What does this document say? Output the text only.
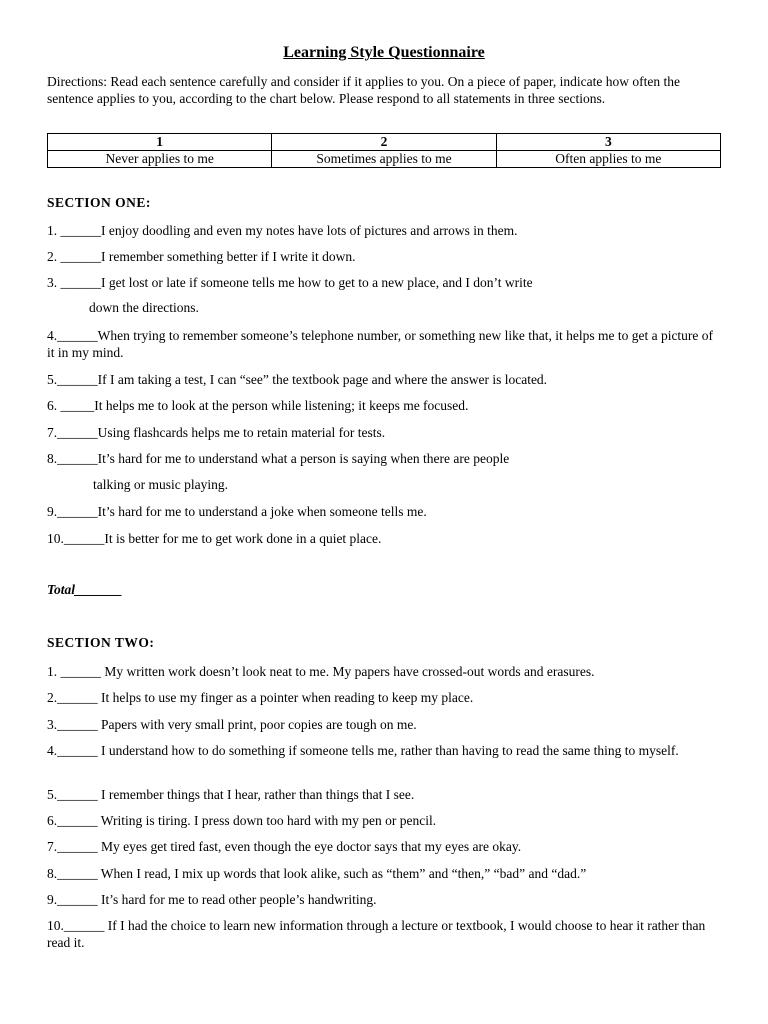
Learning Style Questionnaire
Directions: Read each sentence carefully and consider if it applies to you. On a piece of paper, indicate how often the sentence applies to you, according to the chart below. Please respond to all statements in three sections.
1	2	3
Never applies to me	Sometimes applies to me	Often applies to me
SECTION ONE:
1. ______I enjoy doodling and even my notes have lots of pictures and arrows in them.
2. ______I remember something better if I write it down.
3. ______I get lost or late if someone tells me how to get to a new place, and I don’t write
down the directions.
4.______When trying to remember someone’s telephone number, or something new like that, it helps me to get a picture of it in my mind.
5.______If I am taking a test, I can “see” the textbook page and where the answer is located.
6. _____It helps me to look at the person while listening; it keeps me focused.
7.______Using flashcards helps me to retain material for tests.
8.______It’s hard for me to understand what a person is saying when there are people
talking or music playing.
9.______It’s hard for me to understand a joke when someone tells me.
10.______It is better for me to get work done in a quiet place.
Total_______
SECTION TWO:
1. ______ My written work doesn’t look neat to me. My papers have crossed-out words and erasures.
2.______ It helps to use my finger as a pointer when reading to keep my place.
3.______ Papers with very small print, poor copies are tough on me.
4.______ I understand how to do something if someone tells me, rather than having to read the same thing to myself.
5.______ I remember things that I hear, rather than things that I see.
6.______ Writing is tiring. I press down too hard with my pen or pencil.
7.______ My eyes get tired fast, even though the eye doctor says that my eyes are okay.
8.______ When I read, I mix up words that look alike, such as “them” and “then,” “bad” and “dad.”
9.______ It’s hard for me to read other people’s handwriting.
10.______ If I had the choice to learn new information through a lecture or textbook, I would choose to hear it rather than read it.
